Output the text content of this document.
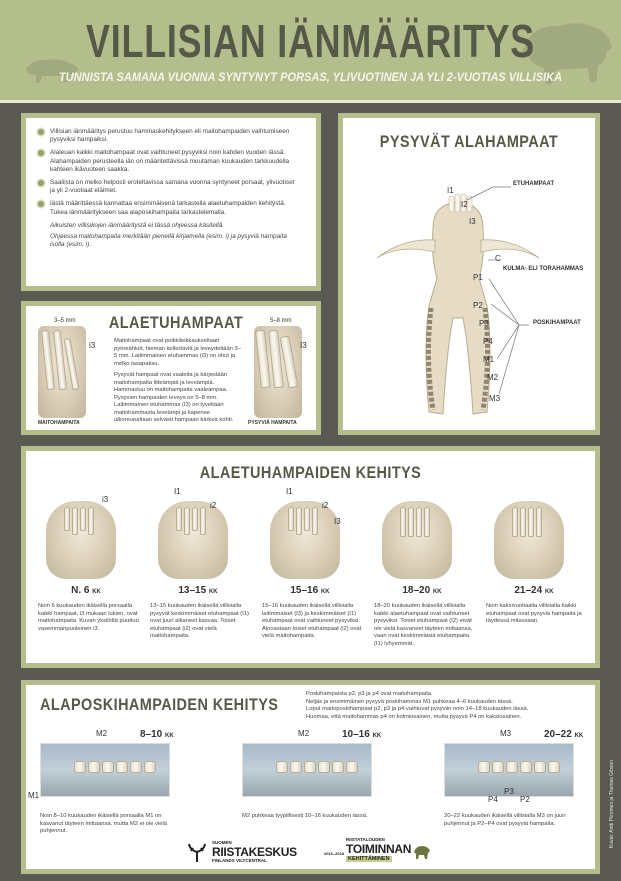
VILLISIAN IÄNMÄÄRITYS
TUNNISTA SAMANA VUONNA SYNTYNYT PORSAS, YLIVUOTINEN JA YLI 2-VUOTIAS VILLISIKA
Villisian iänmääritys perustuu hammaskehitykseen eli maitohampaiden vaihtumiseen pysyviksi hampaiksi.
Alaleuan kaikki maitohampaat ovat vaihtuneet pysyviksi noin kahden vuoden iässä. Alahampaiden perusteella iän on määritettävissä muutaman kuukauden tarkkuudella kahteen ikävuoteen saakka.
Saaliista on melko helposti eroteltavissa samana vuonna syntyneet porsaat, ylivuotiset ja yli 2-vuotiaat eläimet.
Iästä määrittäessä kannattaa ensimmäisenä tarkastella alaetuhampaiden kehitystä. Tukea iänmääritykseen saa alaposkihampaita tarkastelemalla.
Aikuisten villisikojen iänmääritystä ei tässä ohjeessa käsitellä.
Ohjeessa maitohampaita merkitään pienellä kirjaimella (esim. i) ja pysyviä hampaita isolla (esim. I).
PYSYVÄT ALAHAMPAAT
I1
I2
I3
C
P1
P2
P3
P4
M1
M2
M3
ETUHAMPAAT
KULMA- ELI TORAHAMMAS
POSKIHAMPAAT
ALAETUHAMPAAT
3–5 mm
i3
MAITOHAMPAITA
Maitohampaat ovat poikkileikkaukseltaan pyöreähköt, hieman kellertäviä ja leveydeltään 3–5 mm. Laitimmainen etuhammas (i3) on ohut ja melko tasapaksu.
Pysyvät hampaat ovat vaaleita ja kärjestään maitohampaita litteämpiä ja leveämpiä. Hammasluu on maitohampaita vaaleampaa. Pysyvien hampaiden leveys on 5–8 mm. Laitimmainen etuhammas (I3) on tyveltään maitohammasta leveämpi ja kapenee ulkoreunaltaan selvästi hampaan kärkeä kohti.
5–8 mm
I3
PYSYVIÄ HAMPAITA
ALAETUHAMPAIDEN KEHITYS
i3
N. 6 KK
Noin 6 kuukauden ikäisellä porsaalla kaikki hampaat, i3 mukaan lukien, ovat maitohampaita. Kuvan yksilöltä puuttuu vasemmanpuoleinen i3.
I1
i2
13–15 KK
13–15 kuukauden ikäisellä villisialla pysyvät keskimmäiset etuhampaat (I1) ovat juuri alkaneet kasvaa. Toiset etuhampaat (i2) ovat vielä maitohampaita.
I1
i2
I3
15–16 KK
15–16 kuukauden ikäisellä villisialla laitimmaiset (I3) ja keskimmäiset (I1) etuhampaat ovat vaihtuneet pysyviksi. Ainoastaan toiset etuhampaat (i2) ovat vielä maitohampaita.
18–20 KK
18–20 kuukauden ikäisellä villisialla kaikki alaetuhampaat ovat vaihtuneet pysyviksi. Toiset etuhampaat (I2) eivät ole vielä kasvaneet täyteen mittaansa, vaan ovat keskimmäisiä etuhampaita (I1) lyhyemmät.
21–24 KK
Noin kaksivuotiaalla villisialla kaikki etuhampaat ovat pysyviä hampaita ja täydessä mitassaan.
ALAPOSKIHAMPAIDEN KEHITYS
Poskihampaista p2, p3 ja p4 ovat maitohampaita.
Neljäs ja ensimmäinen pysyvä poskihammas M1 puhkeaa 4–6 kuukauden iässä.
Loput maitoposkihampaat p2, p3 ja p4 vaihtuvat pysyviin noin 14–18 kuukauden iässä.
Huomaa, että maitohammas p4 on kolmiosainen, mutta pysyvä P4 on kaksiosainen.
SUOMEN
RIISTAKESKUS
FINLANDS VILTCENTRAL
RIISTATALOUDEN
TOIMINNAN
KEHITTÄMINEN
2016–2018
8–10 KK
M2
M1
Noin 8–10 kuukauden ikäisellä porsaalla M1 on kasvanut täyteen mittaansa, mutta M2 ei ole vielä puhjennut.
10–16 KK
M2
M2 puhkeaa tyypillisesti 10–16 kuukauden iässä.
20–22 KK
M3
P4
P3
P2
20–22 kuukauden ikäisellä villisialla M3 on juuri puhjennut ja P2–P4 ovat pysyviä hampaita.	Kuvat: Antti Piiroinen ja Thomas Gibson
